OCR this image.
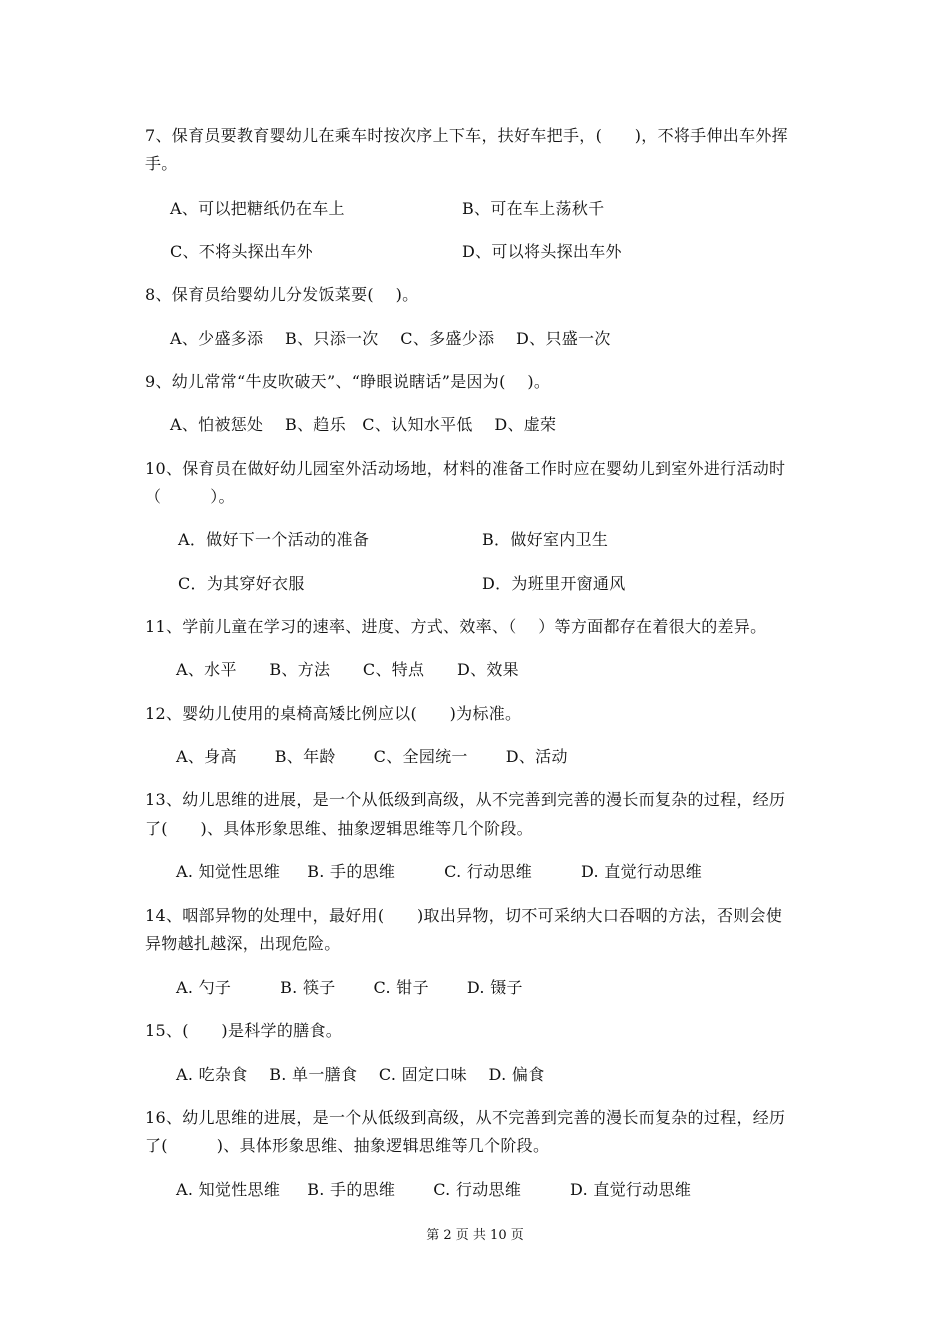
7、保育员要教育婴幼儿在乘车时按次序上下车，扶好车把手，(　　)，不将手伸出车外挥
手。
A、可以把糖纸仍在车上	B、可在车上荡秋千
C、不将头探出车外	D、可以将头探出车外
8、保育员给婴幼儿分发饭菜要(　 )。
A、少盛多添　 B、只添一次　 C、多盛少添　 D、只盛一次
9、幼儿常常“牛皮吹破天”、“睁眼说瞎话”是因为(　 )。
A、怕被惩处　 B、趋乐　C、认知水平低　 D、虚荣
10、保育员在做好幼儿园室外活动场地，材料的准备工作时应在婴幼儿到室外进行活动时
（　　　）。
A．做好下一个活动的准备	B．做好室内卫生
C．为其穿好衣服	D．为班里开窗通风
11、学前儿童在学习的速率、进度、方式、效率、（　 ）等方面都存在着很大的差异。
A、水平　　B、方法　　C、特点　　D、效果
12、婴幼儿使用的桌椅高矮比例应以(　　)为标准。
A、身高　　 B、年龄　　 C、全园统一　　 D、活动
13、幼儿思维的进展，是一个从低级到高级，从不完善到完善的漫长而复杂的过程，经历
了(　　)、具体形象思维、抽象逻辑思维等几个阶段。
A. 知觉性思维　  B. 手的思维　　　C. 行动思维　　　D. 直觉行动思维
14、咽部异物的处理中，最好用(　　)取出异物，切不可采纳大口吞咽的方法，否则会使
异物越扎越深，出现危险。
A. 勺子　　　B. 筷子　　 C. 钳子　　 D. 镊子
15、(　　)是科学的膳食。
A. 吃杂食　 B. 单一膳食　 C. 固定口味　 D. 偏食
16、幼儿思维的进展，是一个从低级到高级，从不完善到完善的漫长而复杂的过程，经历
了(　　　)、具体形象思维、抽象逻辑思维等几个阶段。
A. 知觉性思维　  B. 手的思维　　 C. 行动思维　　　D. 直觉行动思维
第 2 页 共 10 页
